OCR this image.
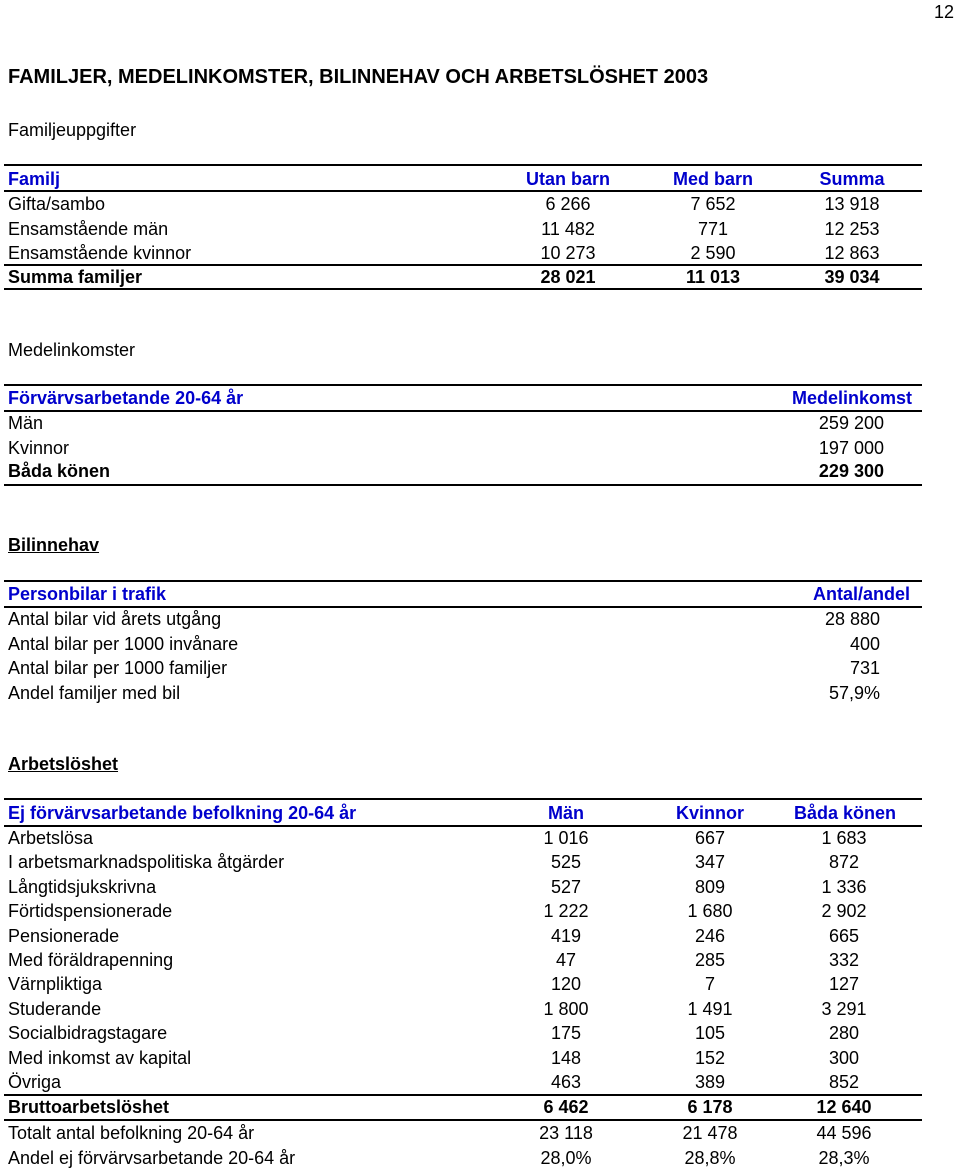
12
FAMILJER, MEDELINKOMSTER, BILINNEHAV OCH ARBETSLÖSHET 2003
Familjeuppgifter
Familj	Utan barn	Med barn	Summa
Gifta/sambo	6 266	7 652	13 918
Ensamstående män	11 482	771	12 253
Ensamstående kvinnor	10 273	2 590	12 863
Summa familjer	28 021	11 013	39 034
Medelinkomster
Förvärvsarbetande 20-64 år	Medelinkomst
Män	259 200
Kvinnor	197 000
Båda könen	229 300
Bilinnehav
Personbilar i trafik	Antal/andel
Antal bilar vid årets utgång	28 880
Antal bilar per 1000 invånare	400
Antal bilar per 1000 familjer	731
Andel familjer med bil	57,9%
Arbetslöshet
Ej förvärvsarbetande befolkning 20-64 år	Män	Kvinnor	Båda könen
Arbetslösa	1 016	667	1 683
I arbetsmarknadspolitiska åtgärder	525	347	872
Långtidsjukskrivna	527	809	1 336
Förtidspensionerade	1 222	1 680	2 902
Pensionerade	419	246	665
Med föräldrapenning	47	285	332
Värnpliktiga	120	7	127
Studerande	1 800	1 491	3 291
Socialbidragstagare	175	105	280
Med inkomst av kapital	148	152	300
Övriga	463	389	852
Bruttoarbetslöshet	6 462	6 178	12 640
Totalt antal befolkning 20-64 år	23 118	21 478	44 596
Andel ej förvärvsarbetande 20-64 år	28,0%	28,8%	28,3%
